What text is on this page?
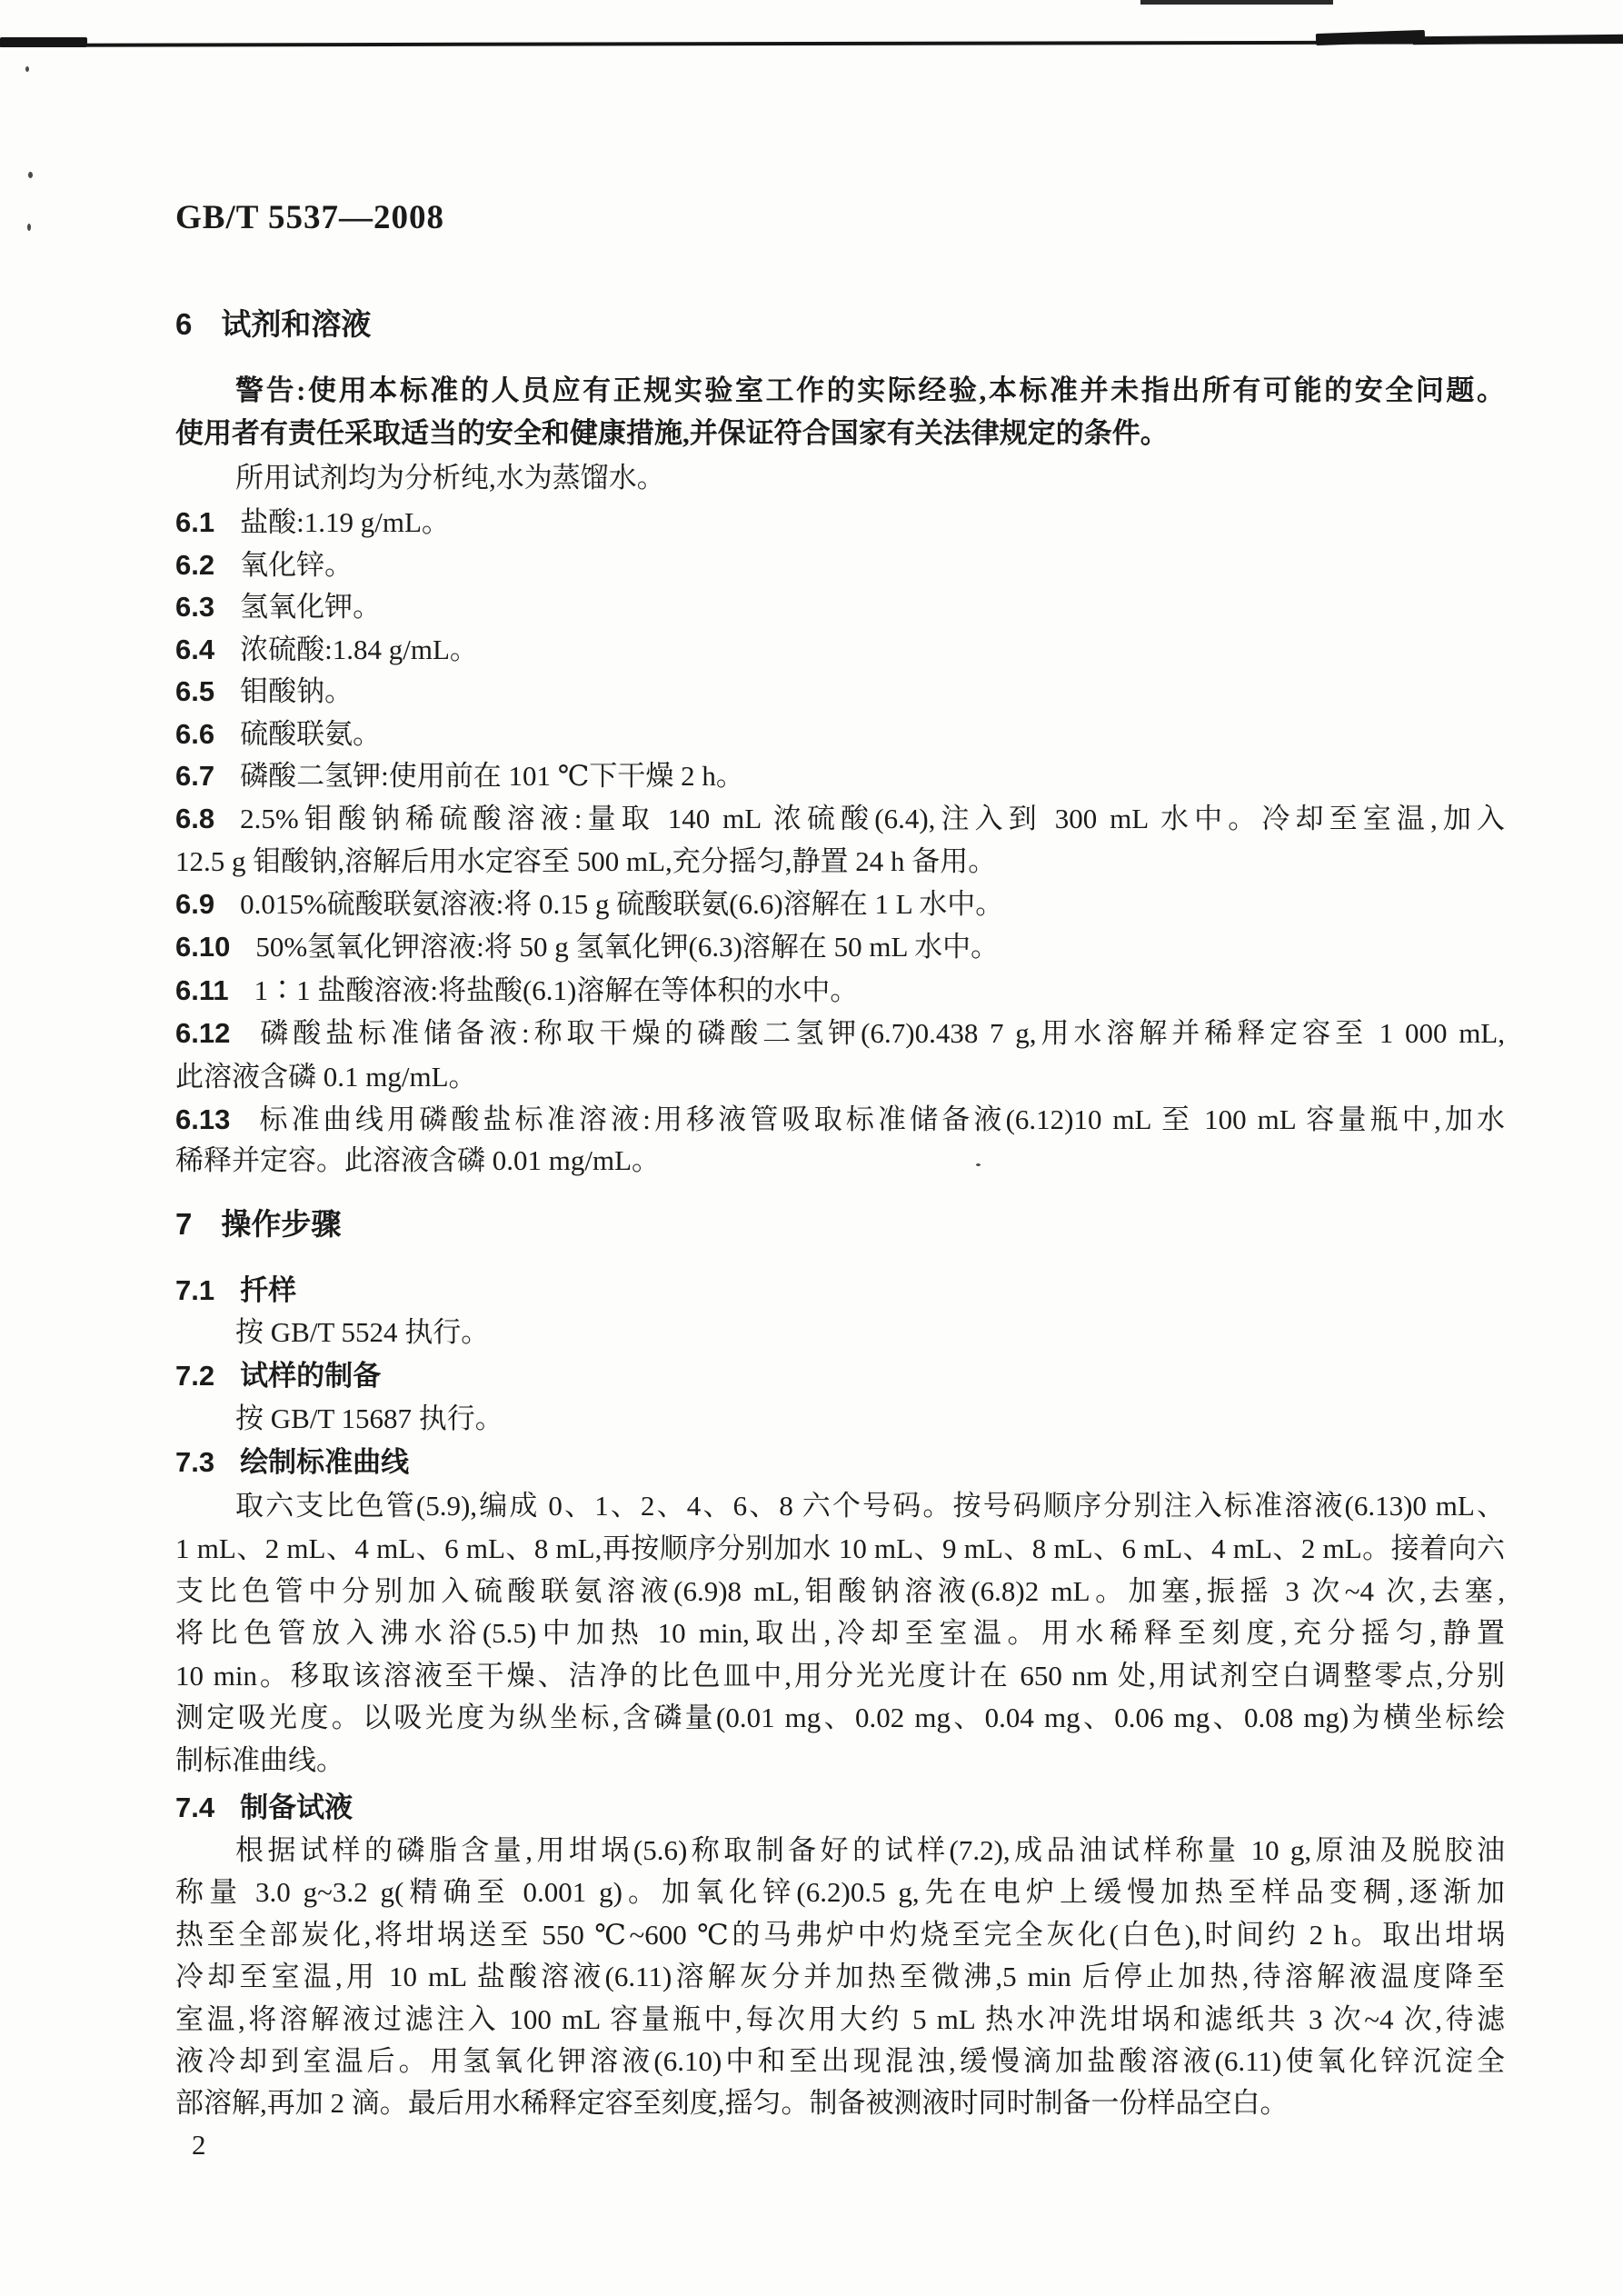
GB/T 5537—2008
6 试剂和溶液
警告:使用本标准的人员应有正规实验室工作的实际经验,本标准并未指出所有可能的安全问题。
使用者有责任采取适当的安全和健康措施,并保证符合国家有关法律规定的条件。
所用试剂均为分析纯,水为蒸馏水。
6.1 盐酸:1.19 g/mL。
6.2 氧化锌。
6.3 氢氧化钾。
6.4 浓硫酸:1.84 g/mL。
6.5 钼酸钠。
6.6 硫酸联氨。
6.7 磷酸二氢钾:使用前在 101 ℃下干燥 2 h。
6.8 2.5%钼酸钠稀硫酸溶液:量取 140 mL 浓硫酸(6.4),注入到 300 mL 水中。冷却至室温,加入
12.5 g 钼酸钠,溶解后用水定容至 500 mL,充分摇匀,静置 24 h 备用。
6.9 0.015%硫酸联氨溶液:将 0.15 g 硫酸联氨(6.6)溶解在 1 L 水中。
6.10 50%氢氧化钾溶液:将 50 g 氢氧化钾(6.3)溶解在 50 mL 水中。
6.11 1∶1 盐酸溶液:将盐酸(6.1)溶解在等体积的水中。
6.12 磷酸盐标准储备液:称取干燥的磷酸二氢钾(6.7)0.438 7 g,用水溶解并稀释定容至 1 000 mL,
此溶液含磷 0.1 mg/mL。
6.13 标准曲线用磷酸盐标准溶液:用移液管吸取标准储备液(6.12)10 mL 至 100 mL 容量瓶中,加水
稀释并定容。此溶液含磷 0.01 mg/mL。
7 操作步骤
7.1 扦样
按 GB/T 5524 执行。
7.2 试样的制备
按 GB/T 15687 执行。
7.3 绘制标准曲线
取六支比色管(5.9),编成 0、1、2、4、6、8 六个号码。按号码顺序分别注入标准溶液(6.13)0 mL、
1 mL、2 mL、4 mL、6 mL、8 mL,再按顺序分别加水 10 mL、9 mL、8 mL、6 mL、4 mL、2 mL。接着向六
支比色管中分别加入硫酸联氨溶液(6.9)8 mL,钼酸钠溶液(6.8)2 mL。加塞,振摇 3 次~4 次,去塞,
将比色管放入沸水浴(5.5)中加热 10 min,取出,冷却至室温。用水稀释至刻度,充分摇匀,静置
10 min。移取该溶液至干燥、洁净的比色皿中,用分光光度计在 650 nm 处,用试剂空白调整零点,分别
测定吸光度。以吸光度为纵坐标,含磷量(0.01 mg、0.02 mg、0.04 mg、0.06 mg、0.08 mg)为横坐标绘
制标准曲线。
7.4 制备试液
根据试样的磷脂含量,用坩埚(5.6)称取制备好的试样(7.2),成品油试样称量 10 g,原油及脱胶油
称量 3.0 g~3.2 g(精确至 0.001 g)。加氧化锌(6.2)0.5 g,先在电炉上缓慢加热至样品变稠,逐渐加
热至全部炭化,将坩埚送至 550 ℃~600 ℃的马弗炉中灼烧至完全灰化(白色),时间约 2 h。取出坩埚
冷却至室温,用 10 mL 盐酸溶液(6.11)溶解灰分并加热至微沸,5 min 后停止加热,待溶解液温度降至
室温,将溶解液过滤注入 100 mL 容量瓶中,每次用大约 5 mL 热水冲洗坩埚和滤纸共 3 次~4 次,待滤
液冷却到室温后。用氢氧化钾溶液(6.10)中和至出现混浊,缓慢滴加盐酸溶液(6.11)使氧化锌沉淀全
部溶解,再加 2 滴。最后用水稀释定容至刻度,摇匀。制备被测液时同时制备一份样品空白。
2
